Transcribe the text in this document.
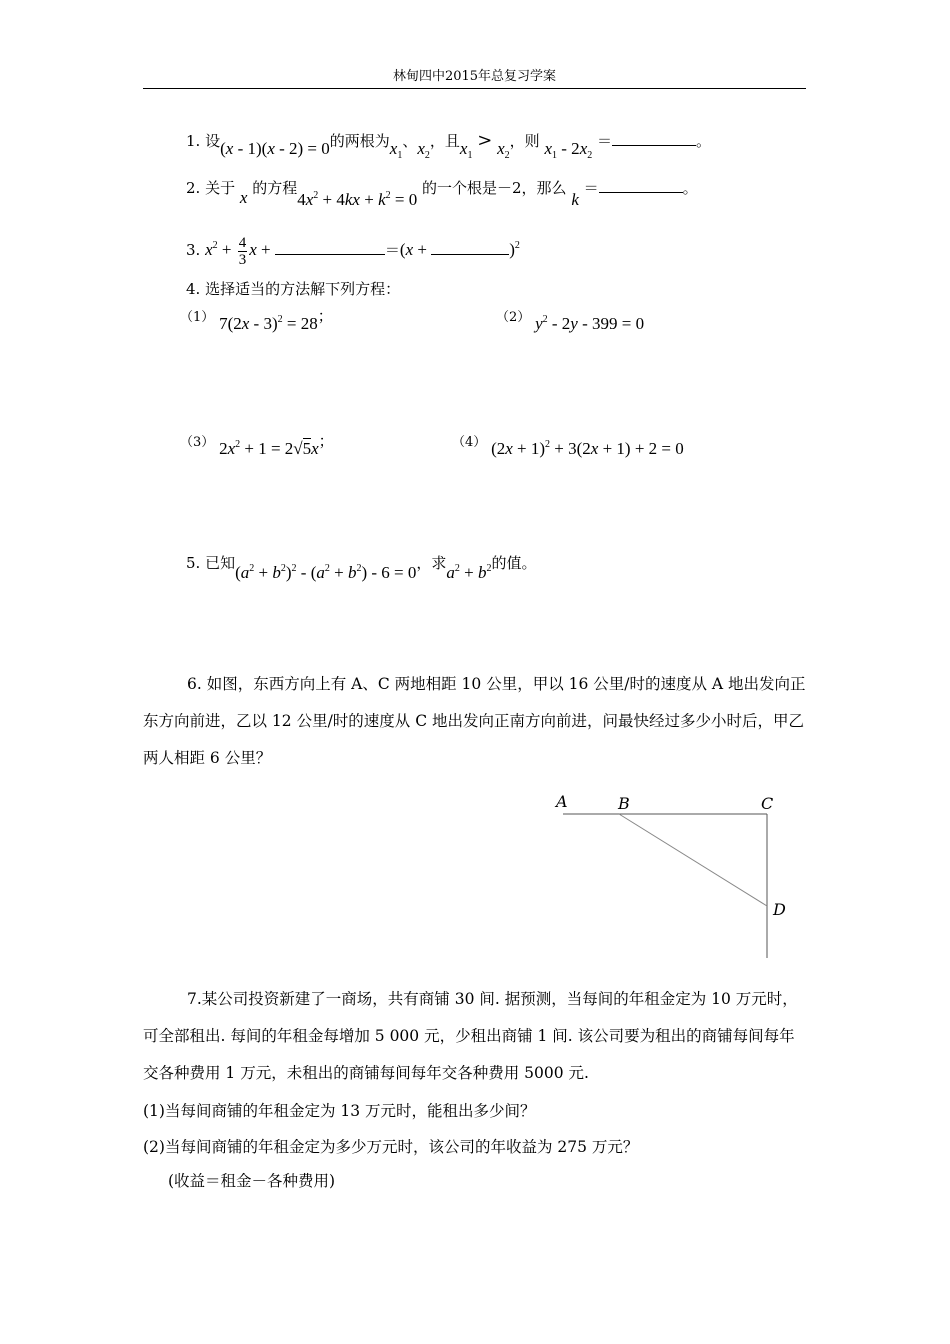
林甸四中2015年总复习学案
1. 设(x - 1)(x - 2) = 0的两根为$x_1$、$x_2$，且$x_1 > x_2$，则 $x_1 - 2x_2$ ＝	。
2. 关于 x 的方程$4x^2 + 4kx + k^2 = 0$ 的一个根是－2，那么 k ＝	。
3. $x^2 + \frac{4}{3}$ x +	＝(x +	)$^2$
4. 选择适当的方法解下列方程：
（1） 7(2x - 3)$^2$ = 28；	（2） $y^2 - 2y - 399 = 0$
（3） $2x^2 + 1 = 2√5x$；	（4） $(2x + 1)^2 + 3(2x + 1) + 2 = 0$
5. 已知$(a^2 + b^2)^2 - (a^2 + b^2) - 6 = 0$，求$a^2 + b^2$的值。
6. 如图，东西方向上有 A、C 两地相距 10 公里，甲以 16 公里/时的速度从 A 地出发向正东方向前进，乙以 12 公里/时的速度从 C 地出发向正南方向前进，问最快经过多少小时后，甲乙两人相距 6 公里？
A	B	C
D
7.某公司投资新建了一商场，共有商铺 30 间. 据预测，当每间的年租金定为 10 万元时，可全部租出. 每间的年租金每增加 5 000 元，少租出商铺 1 间. 该公司要为租出的商铺每间每年交各种费用 1 万元，未租出的商铺每间每年交各种费用 5000 元.
(1)当每间商铺的年租金定为 13 万元时，能租出多少间？
(2)当每间商铺的年租金定为多少万元时，该公司的年收益为 275 万元？
(收益＝租金－各种费用)
